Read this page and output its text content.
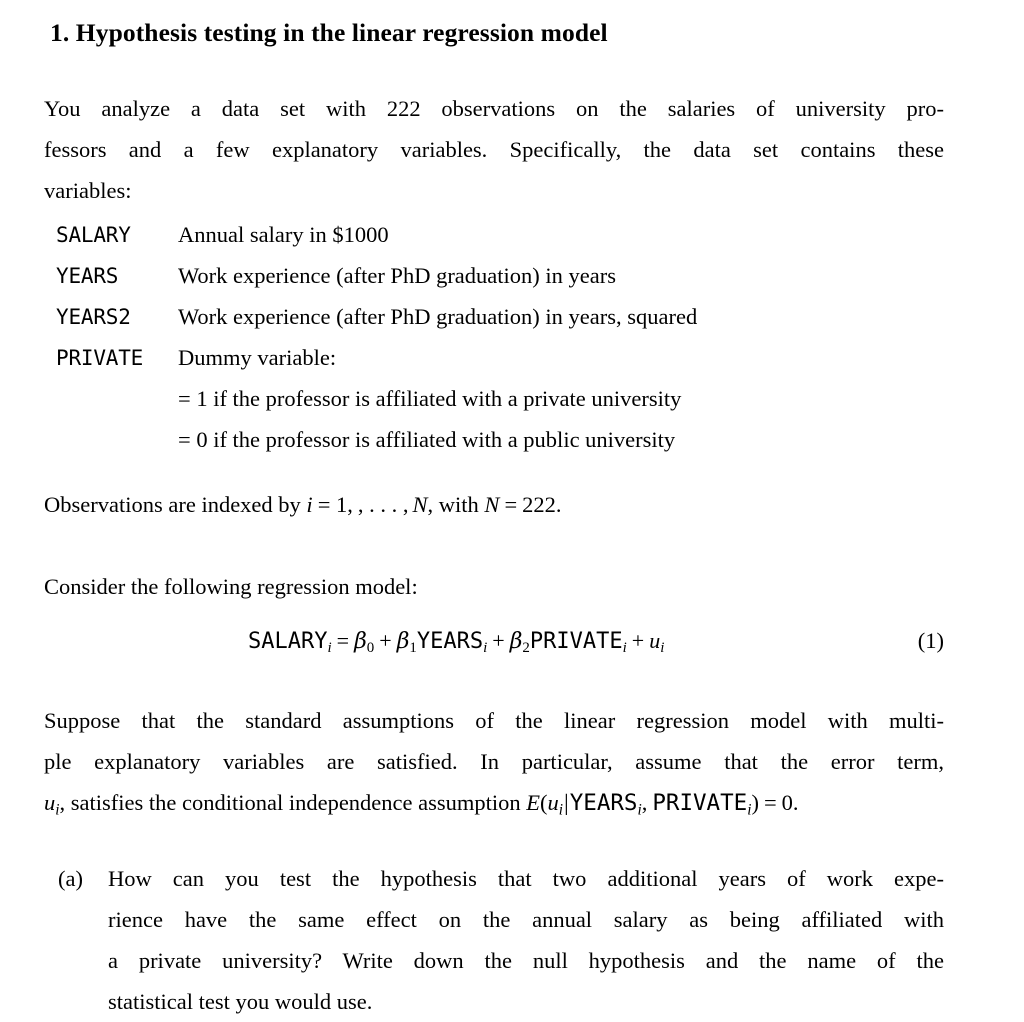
1. Hypothesis testing in the linear regression model
You analyze a data set with 222 observations on the salaries of university pro-
fessors and a few explanatory variables. Specifically, the data set contains these
variables:
SALARY	Annual salary in $1000
YEARS	Work experience (after PhD graduation) in years
YEARS2	Work experience (after PhD graduation) in years, squared
PRIVATE	Dummy variable:
= 1 if the professor is affiliated with a private university
= 0 if the professor is affiliated with a public university
Observations are indexed by i = 1, , . . . , N, with N = 222.
Consider the following regression model:
$SALARY_i = \beta_0$ + $\beta_1YEARS_i$ + $\beta_2PRIVATE_i + u_i$	(1)
Suppose that the standard assumptions of the linear regression model with multi-
ple explanatory variables are satisfied. In particular, assume that the error term,
$u_i$, satisfies the conditional independence assumption $E(u_i|YEARS_i$, $PRIVATE_i) = 0$.
(a) How can you test the hypothesis that two additional years of work expe-
rience have the same effect on the annual salary as being affiliated with
a private university? Write down the null hypothesis and the name of the
statistical test you would use.
